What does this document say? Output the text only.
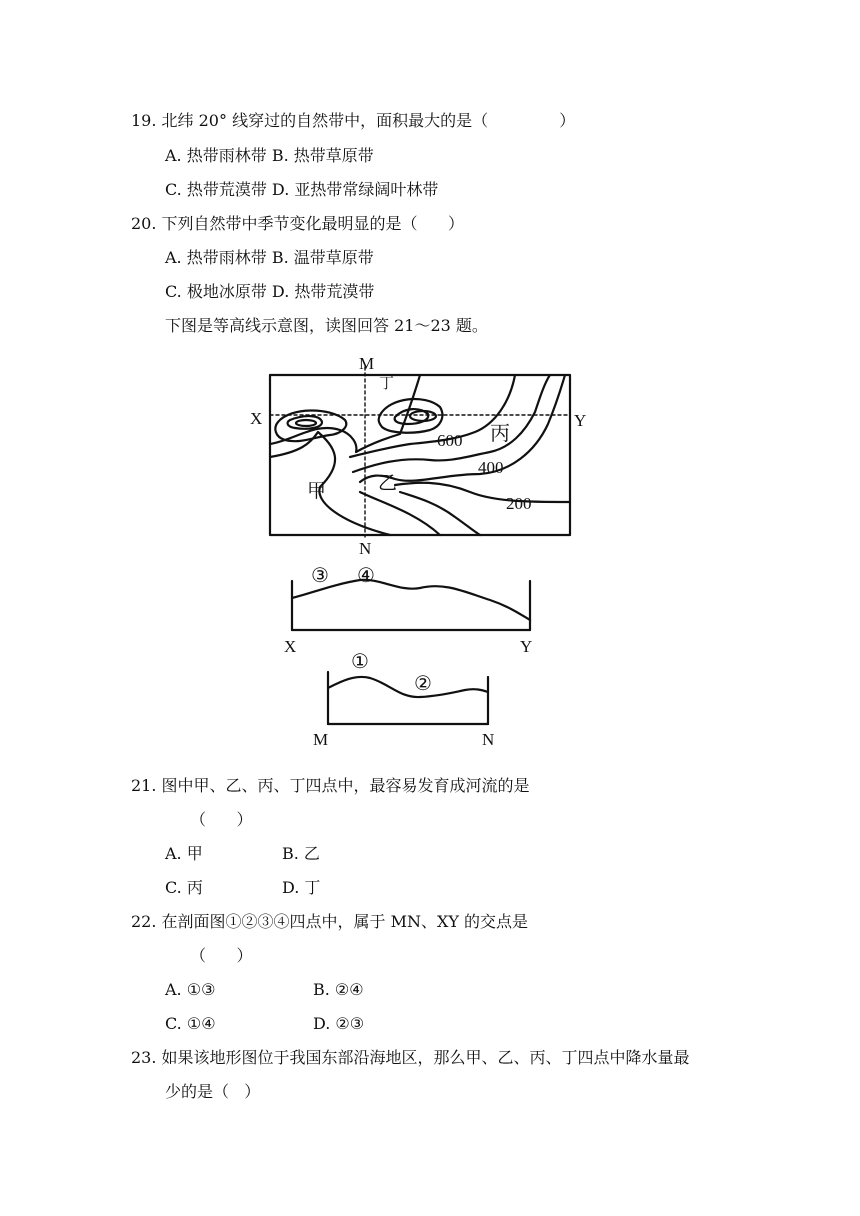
19. 北纬 20° 线穿过的自然带中，面积最大的是（              ）
A. 热带雨林带 B. 热带草原带
C. 热带荒漠带 D. 亚热带常绿阔叶林带
20. 下列自然带中季节变化最明显的是（      ）
A. 热带雨林带 B. 温带草原带
C. 极地冰原带 D. 热带荒漠带
下图是等高线示意图，读图回答 21～23 题。
M
N
X	Y
甲	乙
丙
丁
600
400
200
X	Y
③ ④
M	N
①
②
21. 图中甲、乙、丙、丁四点中，最容易发育成河流的是
（      ）
A. 甲	B. 乙
C. 丙	D. 丁
22. 在剖面图①②③④四点中，属于 MN、XY 的交点是
（      ）
A. ①③	B. ②④
C. ①④	D. ②③
23. 如果该地形图位于我国东部沿海地区，那么甲、乙、丙、丁四点中降水量最
少的是（   ）
